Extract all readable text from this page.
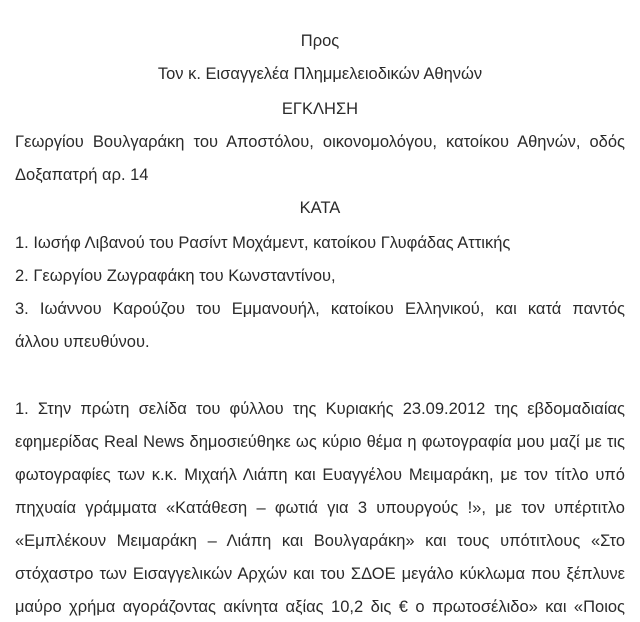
Προς
Τον κ. Εισαγγελέα Πλημμελειοδικών Αθηνών
ΕΓΚΛΗΣΗ
Γεωργίου Βουλγαράκη του Αποστόλου, οικονομολόγου, κατοίκου Αθηνών, οδός
Δοξαπατρή αρ. 14
ΚΑΤΑ
1. Ιωσήφ Λιβανού του Ρασίντ Μοχάμεντ, κατοίκου Γλυφάδας Αττικής
2. Γεωργίου Ζωγραφάκη του Κωνσταντίνου,
3. Ιωάννου Καρούζου του Εμμανουήλ, κατοίκου Ελληνικού, και κατά παντός
άλλου υπευθύνου.
1. Στην πρώτη σελίδα του φύλλου της Κυριακής 23.09.2012 της εβδομαδιαίας
εφημερίδας Real News δημοσιεύθηκε ως κύριο θέμα η φωτογραφία μου μαζί με τις
φωτογραφίες των κ.κ. Μιχαήλ Λιάπη και Ευαγγέλου Μειμαράκη, με τον τίτλο υπό
πηχυαία γράμματα «Κατάθεση – φωτιά για 3 υπουργούς !», με τον υπέρτιτλο
«Εμπλέκουν Μειμαράκη – Λιάπη και Βουλγαράκη» και τους υπότιτλους «Στο
στόχαστρο των Εισαγγελικών Αρχών και του ΣΔΟΕ μεγάλο κύκλωμα που ξέπλυνε
μαύρο χρήμα αγοράζοντας ακίνητα αξίας 10,2 δις € ο πρωτοσέλιδο» και «Ποιος
